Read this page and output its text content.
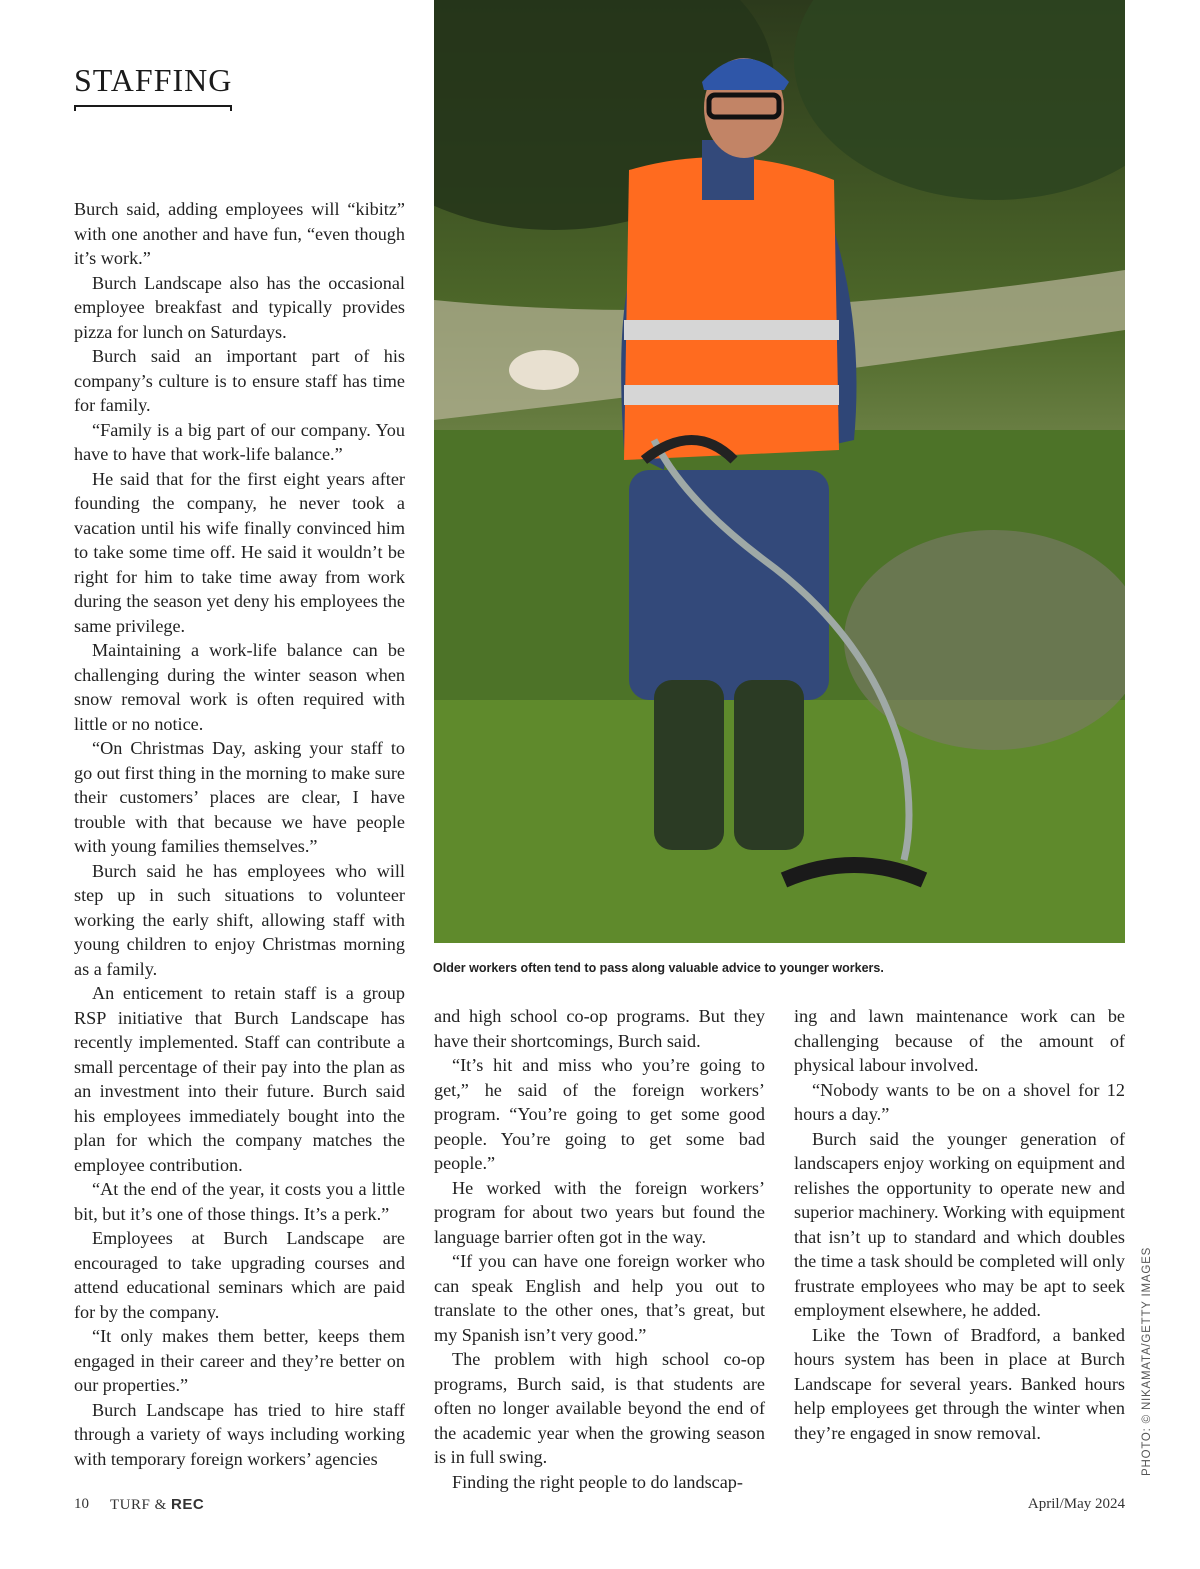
STAFFING

Burch said, adding employees will “kibitz” with one another and have fun, “even though it’s work.”

Burch Landscape also has the occasional employee breakfast and typically provides pizza for lunch on Saturdays.

Burch said an important part of his company’s culture is to ensure staff has time for family.

“Family is a big part of our company. You have to have that work-life balance.”

He said that for the first eight years after founding the company, he never took a vacation until his wife finally convinced him to take some time off. He said it wouldn’t be right for him to take time away from work during the season yet deny his employees the same privilege.

Maintaining a work-life balance can be challenging during the winter season when snow removal work is often required with little or no notice.

“On Christmas Day, asking your staff to go out first thing in the morning to make sure their customers’ places are clear, I have trouble with that because we have people with young families themselves.”

Burch said he has employees who will step up in such situations to volunteer working the early shift, allowing staff with young children to enjoy Christmas morning as a family.

An enticement to retain staff is a group RSP initiative that Burch Landscape has recently implemented. Staff can contribute a small percentage of their pay into the plan as an investment into their future. Burch said his employees immediately bought into the plan for which the company matches the employee contribution.

“At the end of the year, it costs you a little bit, but it’s one of those things. It’s a perk.”

Employees at Burch Landscape are encouraged to take upgrading courses and attend educational seminars which are paid for by the company.

“It only makes them better, keeps them engaged in their career and they’re better on our properties.”

Burch Landscape has tried to hire staff through a variety of ways including working with temporary foreign workers’ agencies

Older workers often tend to pass along valuable advice to younger workers.
PHOTO: © NIKAMATA/GETTY IMAGES

and high school co-op programs. But they have their shortcomings, Burch said.

“It’s hit and miss who you’re going to get,” he said of the foreign workers’ program. “You’re going to get some good people. You’re going to get some bad people.”

He worked with the foreign workers’ program for about two years but found the language barrier often got in the way.

“If you can have one foreign worker who can speak English and help you out to translate to the other ones, that’s great, but my Spanish isn’t very good.”

The problem with high school co-op programs, Burch said, is that students are often no longer available beyond the end of the academic year when the growing season is in full swing.

Finding the right people to do landscap-

ing and lawn maintenance work can be challenging because of the amount of physical labour involved.

“Nobody wants to be on a shovel for 12 hours a day.”

Burch said the younger generation of landscapers enjoy working on equipment and relishes the opportunity to operate new and superior machinery. Working with equipment that isn’t up to standard and which doubles the time a task should be completed will only frustrate employees who may be apt to seek employment elsewhere, he added.

Like the Town of Bradford, a banked hours system has been in place at Burch Landscape for several years. Banked hours help employees get through the winter when they’re engaged in snow removal.

10 TURF & REC	April/May 2024
